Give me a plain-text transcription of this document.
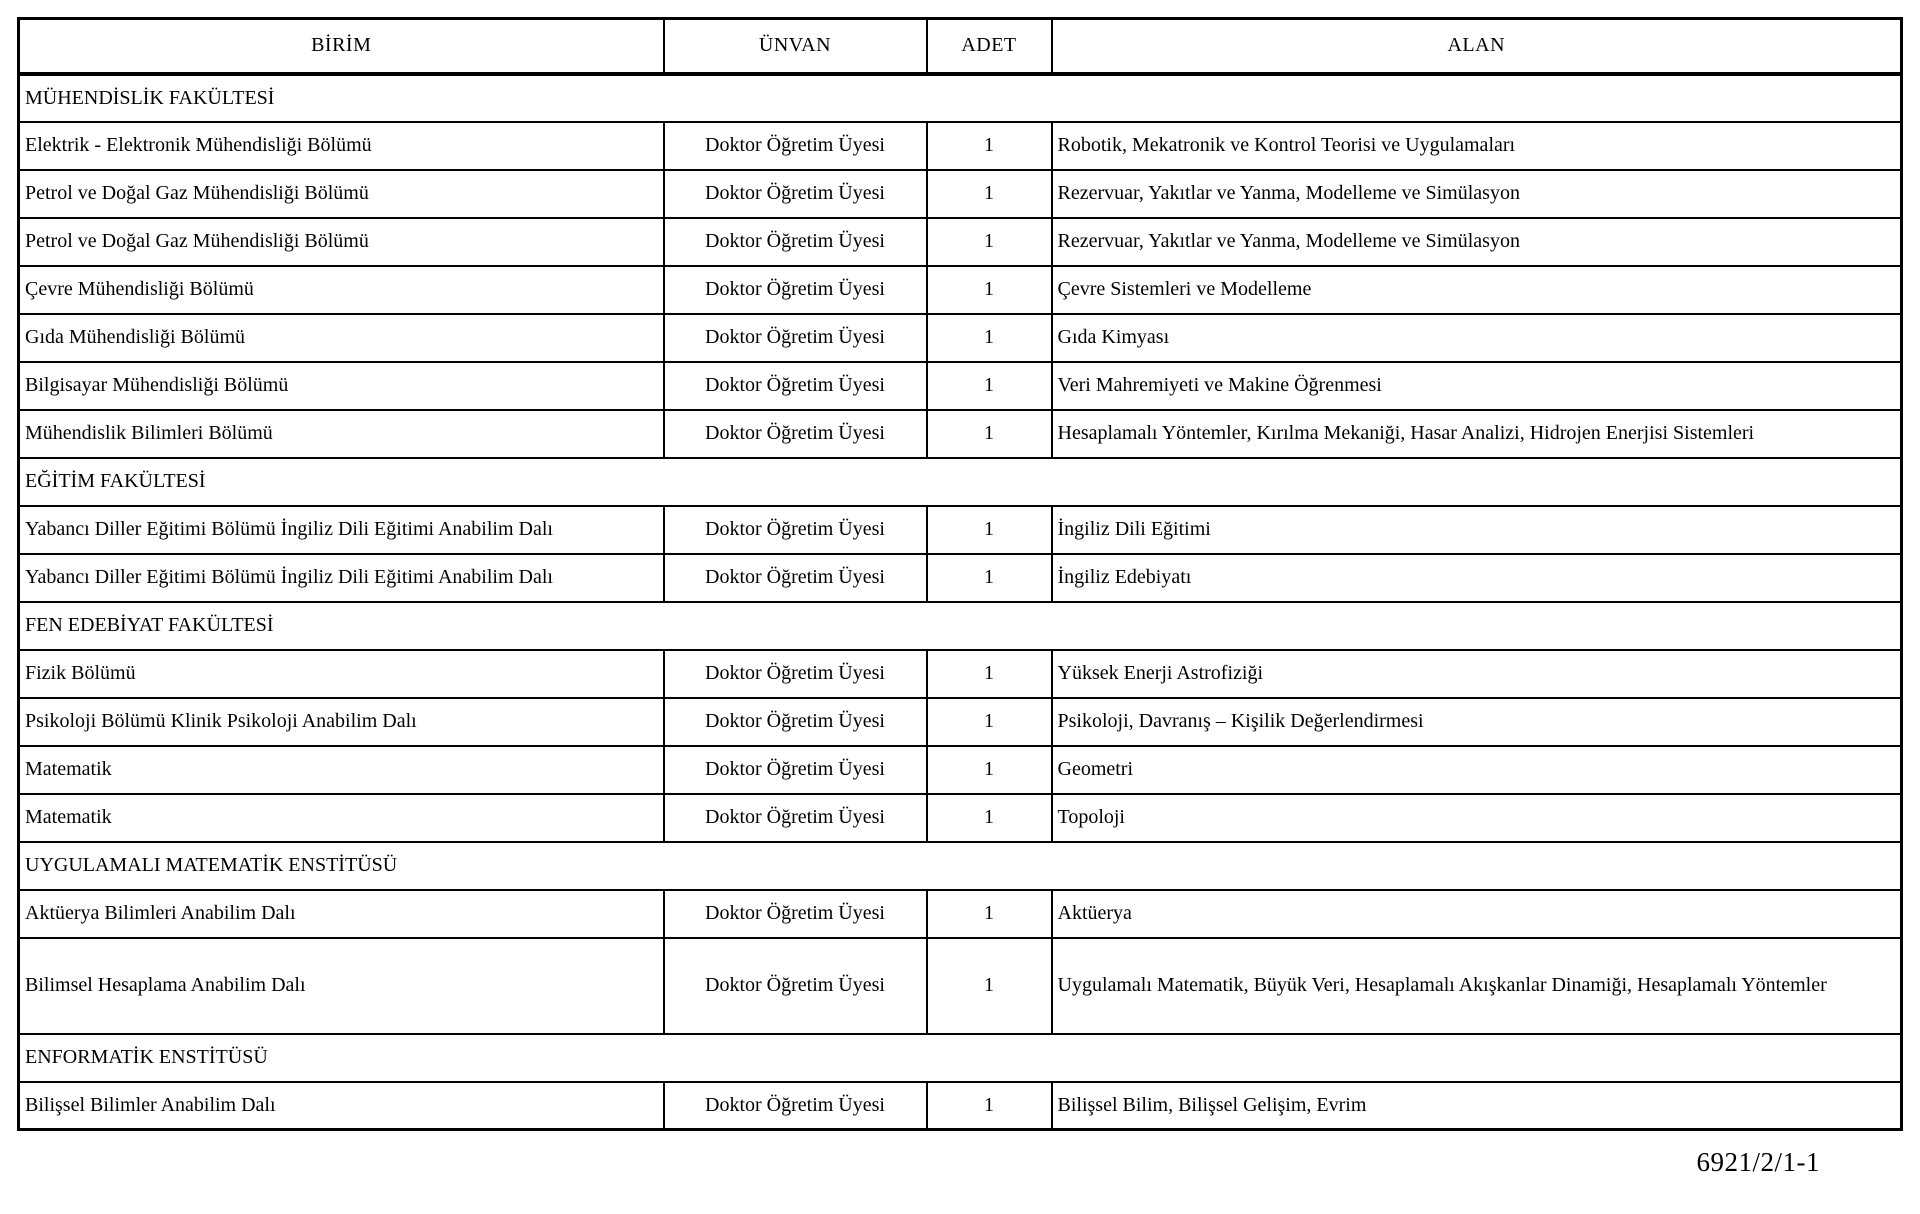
BİRİM	ÜNVAN	ADET	ALAN
MÜHENDİSLİK FAKÜLTESİ			
Elektrik - Elektronik Mühendisliği Bölümü	Doktor Öğretim Üyesi	1	Robotik, Mekatronik ve Kontrol Teorisi ve Uygulamaları
Petrol ve Doğal Gaz Mühendisliği Bölümü	Doktor Öğretim Üyesi	1	Rezervuar, Yakıtlar ve Yanma, Modelleme ve Simülasyon
Petrol ve Doğal Gaz Mühendisliği Bölümü	Doktor Öğretim Üyesi	1	Rezervuar, Yakıtlar ve Yanma, Modelleme ve Simülasyon
Çevre Mühendisliği Bölümü	Doktor Öğretim Üyesi	1	Çevre Sistemleri ve Modelleme
Gıda Mühendisliği Bölümü	Doktor Öğretim Üyesi	1	Gıda Kimyası
Bilgisayar Mühendisliği Bölümü	Doktor Öğretim Üyesi	1	Veri Mahremiyeti ve Makine Öğrenmesi
Mühendislik Bilimleri Bölümü	Doktor Öğretim Üyesi	1	Hesaplamalı Yöntemler, Kırılma Mekaniği, Hasar Analizi, Hidrojen Enerjisi Sistemleri
EĞİTİM FAKÜLTESİ			
Yabancı Diller Eğitimi Bölümü İngiliz Dili Eğitimi Anabilim Dalı	Doktor Öğretim Üyesi	1	İngiliz Dili Eğitimi
Yabancı Diller Eğitimi Bölümü İngiliz Dili Eğitimi Anabilim Dalı	Doktor Öğretim Üyesi	1	İngiliz Edebiyatı
FEN EDEBİYAT FAKÜLTESİ			
Fizik Bölümü	Doktor Öğretim Üyesi	1	Yüksek Enerji Astrofiziği
Psikoloji Bölümü Klinik Psikoloji Anabilim Dalı	Doktor Öğretim Üyesi	1	Psikoloji, Davranış – Kişilik Değerlendirmesi
Matematik	Doktor Öğretim Üyesi	1	Geometri
Matematik	Doktor Öğretim Üyesi	1	Topoloji
UYGULAMALI MATEMATİK ENSTİTÜSÜ			
Aktüerya Bilimleri Anabilim Dalı	Doktor Öğretim Üyesi	1	Aktüerya
Bilimsel Hesaplama Anabilim Dalı	Doktor Öğretim Üyesi	1	Uygulamalı Matematik, Büyük Veri, Hesaplamalı Akışkanlar Dinamiği, Hesaplamalı Yöntemler
ENFORMATİK ENSTİTÜSÜ			
Bilişsel Bilimler Anabilim Dalı	Doktor Öğretim Üyesi	1	Bilişsel Bilim, Bilişsel Gelişim, Evrim
6921/2/1-1
